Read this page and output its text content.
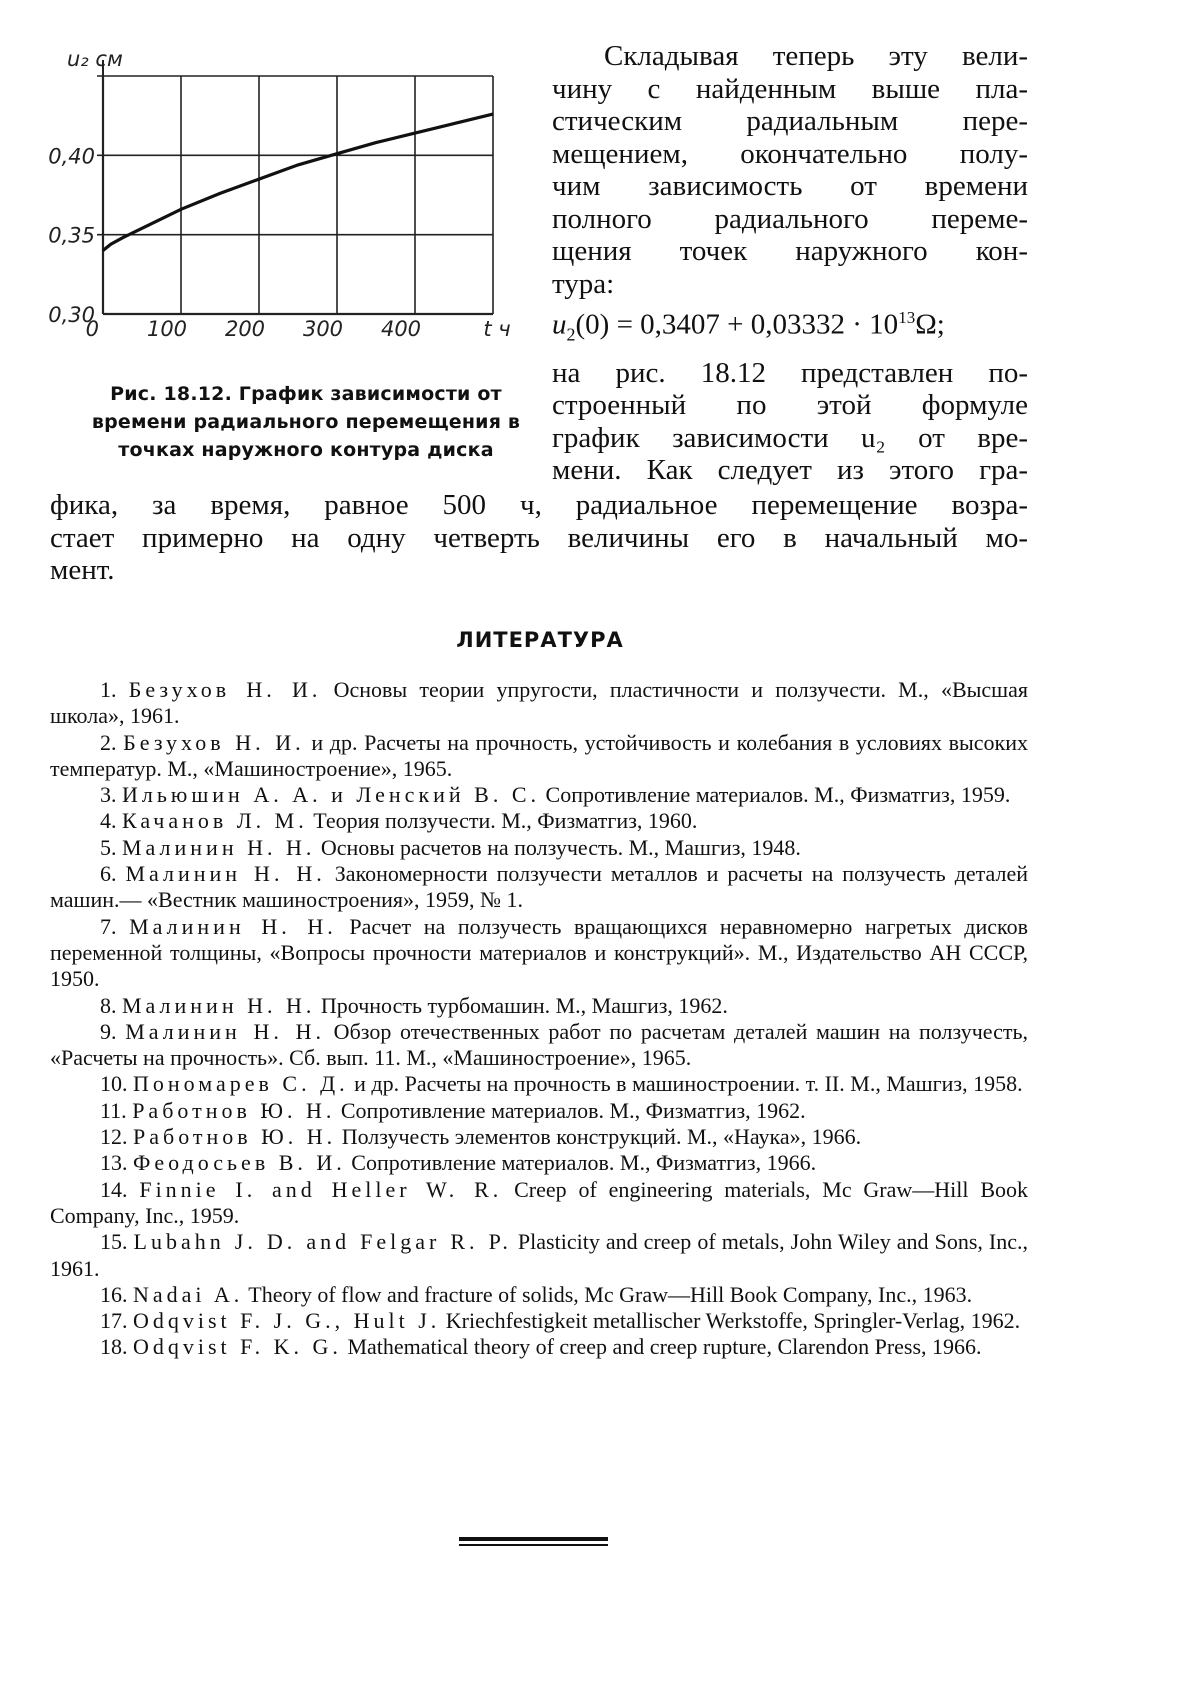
0,30
0,35
0,40
0 100 200 300 400	t ч
u₂ см
Рис. 18.12. График зависимости от
времени радиального перемещения в
точках наружного контура диска
Складывая теперь эту вели-
чину с найденным выше пла-
стическим радиальным пере-
мещением, окончательно полу-
чим зависимость от времени
полного радиального переме-
щения точек наружного кон-
тура:
$u_2(0) = 0,3407 + 0,03332 \cdot 10^{13}\Omega$;
на рис. 18.12 представлен по-
строенный по этой формуле
график зависимости u₂ от вре-
мени. Как следует из этого гра-
фика, за время, равное 500 ч, радиальное перемещение возра-
стает примерно на одну четверть величины его в начальный мо-
мент.
ЛИТЕРАТУРА

1. Безухов Н. И. Основы теории упругости, пластичности и ползучести. М., «Высшая школа», 1961.

2. Безухов Н. И. и др. Расчеты на прочность, устойчивость и колебания в условиях высоких температур. М., «Машиностроение», 1965.

3. Ильюшин А. А. и Ленский В. С. Сопротивление материалов. М., Физматгиз, 1959.

4. Качанов Л. М. Теория ползучести. М., Физматгиз, 1960.

5. Малинин Н. Н. Основы расчетов на ползучесть. М., Машгиз, 1948.

6. Малинин Н. Н. Закономерности ползучести металлов и расчеты на ползучесть деталей машин.— «Вестник машиностроения», 1959, № 1.

7. Малинин Н. Н. Расчет на ползучесть вращающихся неравномерно нагретых дисков переменной толщины, «Вопросы прочности материалов и конструкций». М., Издательство АН СССР, 1950.

8. Малинин Н. Н. Прочность турбомашин. М., Машгиз, 1962.

9. Малинин Н. Н. Обзор отечественных работ по расчетам деталей машин на ползучесть, «Расчеты на прочность». Сб. вып. 11. М., «Машиностроение», 1965.

10. Пономарев С. Д. и др. Расчеты на прочность в машиностроении. т. II. М., Машгиз, 1958.

11. Работнов Ю. Н. Сопротивление материалов. М., Физматгиз, 1962.

12. Работнов Ю. Н. Ползучесть элементов конструкций. М., «Наука», 1966.

13. Феодосьев В. И. Сопротивление материалов. М., Физматгиз, 1966.

14. Finnie I. and Heller W. R. Creep of engineering materials, Mc Graw—Hill Book Company, Inc., 1959.

15. Lubahn J. D. and Felgar R. P. Plasticity and creep of metals, John Wiley and Sons, Inc., 1961.

16. Nadai A. Theory of flow and fracture of solids, Mc Graw—Hill Book Company, Inc., 1963.

17. Odqvist F. J. G., Hult J. Kriechfestigkeit metallischer Werkstoffe, Springler-Verlag, 1962.

18. Odqvist F. K. G. Mathematical theory of creep and creep rupture, Clarendon Press, 1966.
